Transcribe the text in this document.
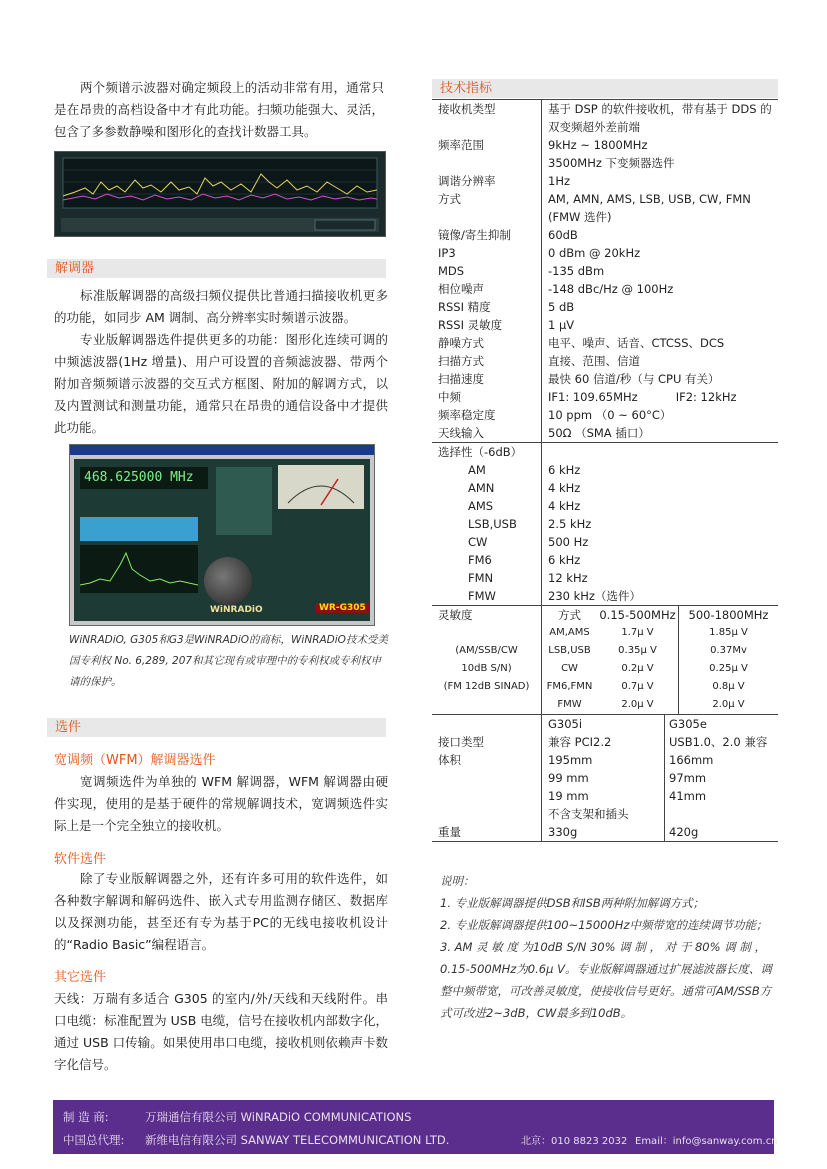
两个频谱示波器对确定频段上的活动非常有用，通常只是在昂贵的高档设备中才有此功能。扫频功能强大、灵活，包含了多参数静噪和图形化的查找计数器工具。
解调器
标准版解调器的高级扫频仪提供比普通扫描接收机更多的功能，如同步 AM 调制、高分辨率实时频谱示波器。
专业版解调器选件提供更多的功能：图形化连续可调的中频滤波器(1Hz 增量)、用户可设置的音频滤波器、带两个附加音频频谱示波器的交互式方框图、附加的解调方式，以及内置测试和测量功能，通常只在昂贵的通信设备中才提供此功能。
468.625000 MHz
WiNRADiO	WR-G305
WiNRADiO, G305和G3是WiNRADiO的商标，WiNRADiO技术受美国专利权 No. 6,289, 207和其它现有或审理中的专利权或专利权申请的保护。
选件
宽调频（WFM）解调器选件
宽调频选件为单独的 WFM 解调器，WFM 解调器由硬件实现，使用的是基于硬件的常规解调技术，宽调频选件实际上是一个完全独立的接收机。
软件选件
除了专业版解调器之外，还有许多可用的软件选件，如各种数字解调和解码选件、嵌入式专用监测存储区、数据库以及探测功能，甚至还有专为基于PC的无线电接收机设计的“Radio Basic”编程语言。
其它选件
天线：万瑞有多适合 G305 的室内/外/天线和天线附件。串口电缆：标准配置为 USB 电缆，信号在接收机内部数字化，通过 USB 口传输。如果使用串口电缆，接收机则依赖声卡数字化信号。
技术指标
接收机类型	基于 DSP 的软件接收机，带有基于 DDS 的双变频超外差前端
频率范围	9kHz ~ 1800MHz
3500MHz 下变频器选件
调谐分辨率	1Hz
方式	AM, AMN, AMS, LSB, USB, CW, FMN
(FMW 选件)
镜像/寄生抑制	60dB
IP3	0 dBm @ 20kHz
MDS	-135 dBm
相位噪声	-148 dBc/Hz @ 100Hz
RSSI 精度	5 dB
RSSI 灵敏度	1 μV
静噪方式	电平、噪声、话音、CTCSS、DCS
扫描方式	直接、范围、信道
扫描速度	最快 60 信道/秒（与 CPU 有关）
中频	IF1: 109.65MHz	IF2: 12kHz
频率稳定度	10 ppm （0 ~ 60°C）
天线输入	50Ω （SMA 插口）
选择性（-6dB）
AM	6 kHz
AMN	4 kHz
AMS	4 kHz
LSB,USB	2.5 kHz
CW	500 Hz
FM6	6 kHz
FMN	12 kHz
FMW	230 kHz（选件）
灵敏度	方式	0.15-500MHz	500-1800MHz
AM,AMS	1.7μ V	1.85μ V
(AM/SSB/CW	LSB,USB	0.35μ V	0.37Mv
10dB S/N)	CW	0.2μ V	0.25μ V
(FM 12dB SINAD)	FM6,FMN	0.7μ V	0.8μ V
FMW	2.0μ V	2.0μ V
G305i	G305e
接口类型	兼容 PCI2.2	USB1.0、2.0 兼容
体积	195mm	166mm
99 mm	97mm
19 mm	41mm
不含支架和插头
重量	330g	420g
说明：
1. 专业版解调器提供DSB和ISB两种附加解调方式；
2. 专业版解调器提供100~15000Hz中频带宽的连续调节功能；
3. AM 灵 敏 度 为10dB S/N 30% 调 制 ， 对 于 80% 调 制 ，0.15-500MHz为0.6μ V。专业版解调器通过扩展滤波器长度、调整中频带宽，可改善灵敏度，使接收信号更好。通常可AM/SSB方式可改进2~3dB，CW最多到10dB。
制 造 商:	万瑞通信有限公司 WiNRADiO COMMUNICATIONS
中国总代理: 新维电信有限公司 SANWAY TELECOMMUNICATION LTD.	北京：010 8823 2032 Email：info@sanway.com.cn
